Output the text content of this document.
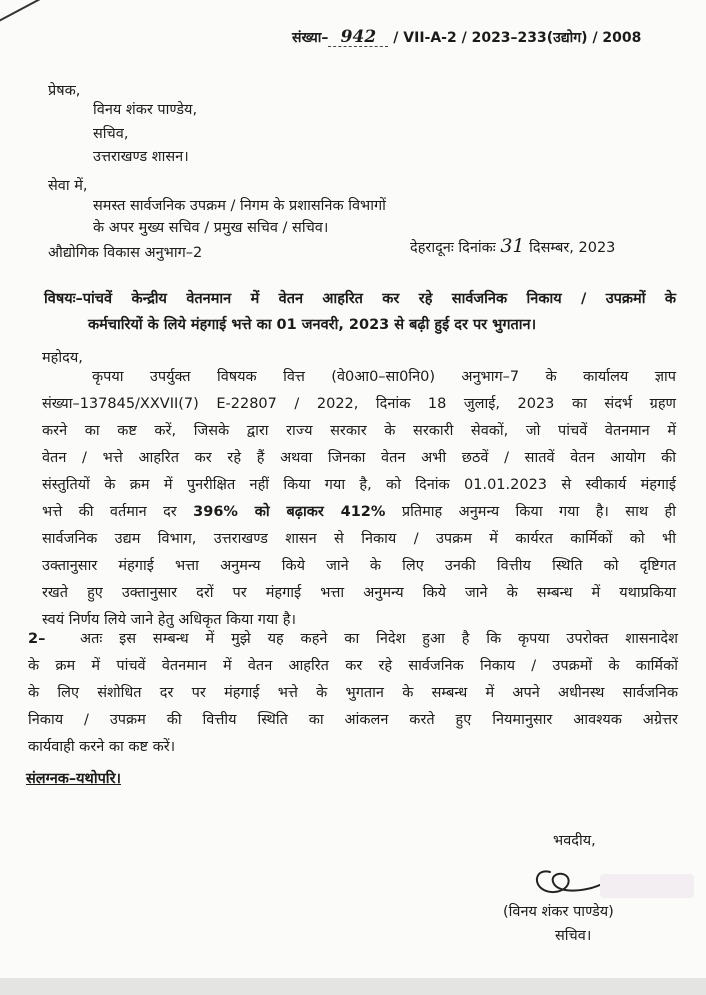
संख्या– 942 / VII-A-2 / 2023–233(उद्योग) / 2008
प्रेषक,
विनय शंकर पाण्डेय,
सचिव,
उत्तराखण्ड शासन।
सेवा में,
समस्त सार्वजनिक उपक्रम / निगम के प्रशासनिक विभागों
के अपर मुख्य सचिव / प्रमुख सचिव / सचिव।
औद्योगिक विकास अनुभाग–2	देहरादूनः दिनांकः 31 दिसम्बर, 2023
विषयः–पांचवें केन्द्रीय वेतनमान में वेतन आहरित कर रहे सार्वजनिक निकाय / उपक्रमों के
कर्मचारियों के लिये मंहगाई भत्ते का 01 जनवरी, 2023 से बढ़ी हुई दर पर भुगतान।
महोदय,
कृपया उपर्युक्त विषयक वित्त (वे0आ0–सा0नि0) अनुभाग–7 के कार्यालय ज्ञाप
संख्या–137845/XXVII(7) E-22807 / 2022, दिनांक 18 जुलाई, 2023 का संदर्भ ग्रहण
करने का कष्ट करें, जिसके द्वारा राज्य सरकार के सरकारी सेवकों, जो पांचवें वेतनमान में
वेतन / भत्ते आहरित कर रहे हैं अथवा जिनका वेतन अभी छठवें / सातवें वेतन आयोग की
संस्तुतियों के क्रम में पुनरीक्षित नहीं किया गया है, को दिनांक 01.01.2023 से स्वीकार्य मंहगाई
भत्ते की वर्तमान दर 396% को बढ़ाकर 412% प्रतिमाह अनुमन्य किया गया है। साथ ही
सार्वजनिक उद्यम विभाग, उत्तराखण्ड शासन से निकाय / उपक्रम में कार्यरत कार्मिकों को भी
उक्तानुसार मंहगाई भत्ता अनुमन्य किये जाने के लिए उनकी वित्तीय स्थिति को दृष्टिगत
रखते हुए उक्तानुसार दरों पर मंहगाई भत्ता अनुमन्य किये जाने के सम्बन्ध में यथाप्रकिया
स्वयं निर्णय लिये जाने हेतु अधिकृत किया गया है।
2– अतः इस सम्बन्ध में मुझे यह कहने का निदेश हुआ है कि कृपया उपरोक्त शासनादेश
के क्रम में पांचवें वेतनमान में वेतन आहरित कर रहे सार्वजनिक निकाय / उपक्रमों के कार्मिकों
के लिए संशोधित दर पर मंहगाई भत्ते के भुगतान के सम्बन्ध में अपने अधीनस्थ सार्वजनिक
निकाय / उपक्रम की वित्तीय स्थिति का आंकलन करते हुए नियमानुसार आवश्यक अग्रेत्तर
कार्यवाही करने का कष्ट करें।
संलग्नक–यथोपरि।
भवदीय,
(विनय शंकर पाण्डेय)
सचिव।
